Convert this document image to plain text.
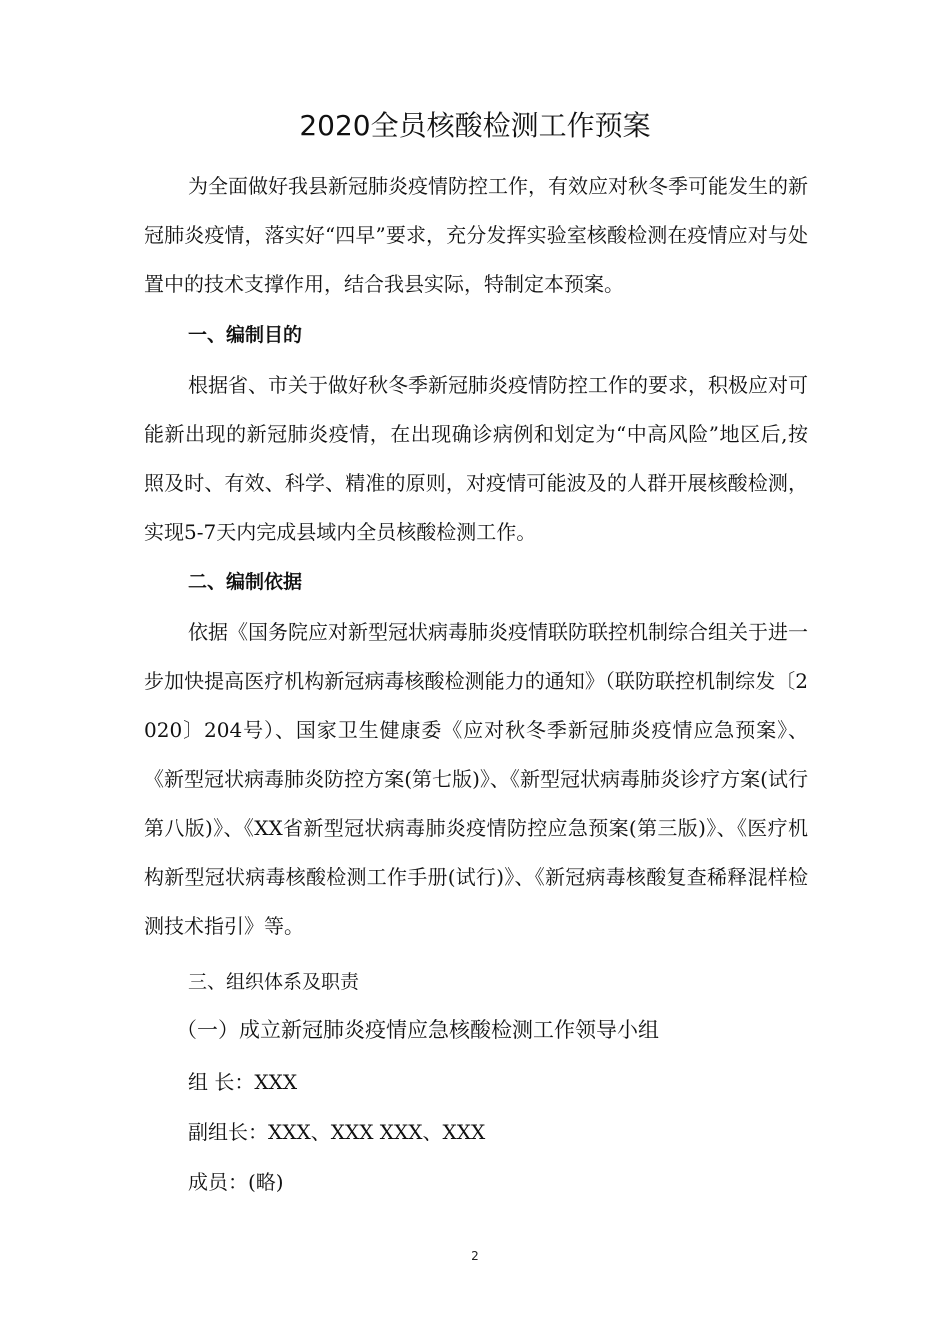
2020全员核酸检测工作预案

为全面做好我县新冠肺炎疫情防控工作，有效应对秋冬季可能发生的新冠肺炎疫情，落实好“四早”要求，充分发挥实验室核酸检测在疫情应对与处置中的技术支撑作用，结合我县实际，特制定本预案。

一、编制目的

根据省、市关于做好秋冬季新冠肺炎疫情防控工作的要求，积极应对可能新出现的新冠肺炎疫情，在出现确诊病例和划定为“中高风险”地区后,按照及时、有效、科学、精准的原则，对疫情可能波及的人群开展核酸检测，实现5-7天内完成县域内全员核酸检测工作。

二、编制依据

依据《国务院应对新型冠状病毒肺炎疫情联防联控机制综合组关于进一步加快提高医疗机构新冠病毒核酸检测能力的通知》（联防联控机制综发〔2020〕204号）、国家卫生健康委《应对秋冬季新冠肺炎疫情应急预案》、《新型冠状病毒肺炎防控方案(第七版)》、《新型冠状病毒肺炎诊疗方案(试行第八版)》、《XX省新型冠状病毒肺炎疫情防控应急预案(第三版)》、《医疗机构新型冠状病毒核酸检测工作手册(试行)》、《新冠病毒核酸复查稀释混样检测技术指引》等。

三、组织体系及职责

（一）成立新冠肺炎疫情应急核酸检测工作领导小组

组 长：XXX

副组长：XXX、XXX XXX、XXX

成员：(略)

2
